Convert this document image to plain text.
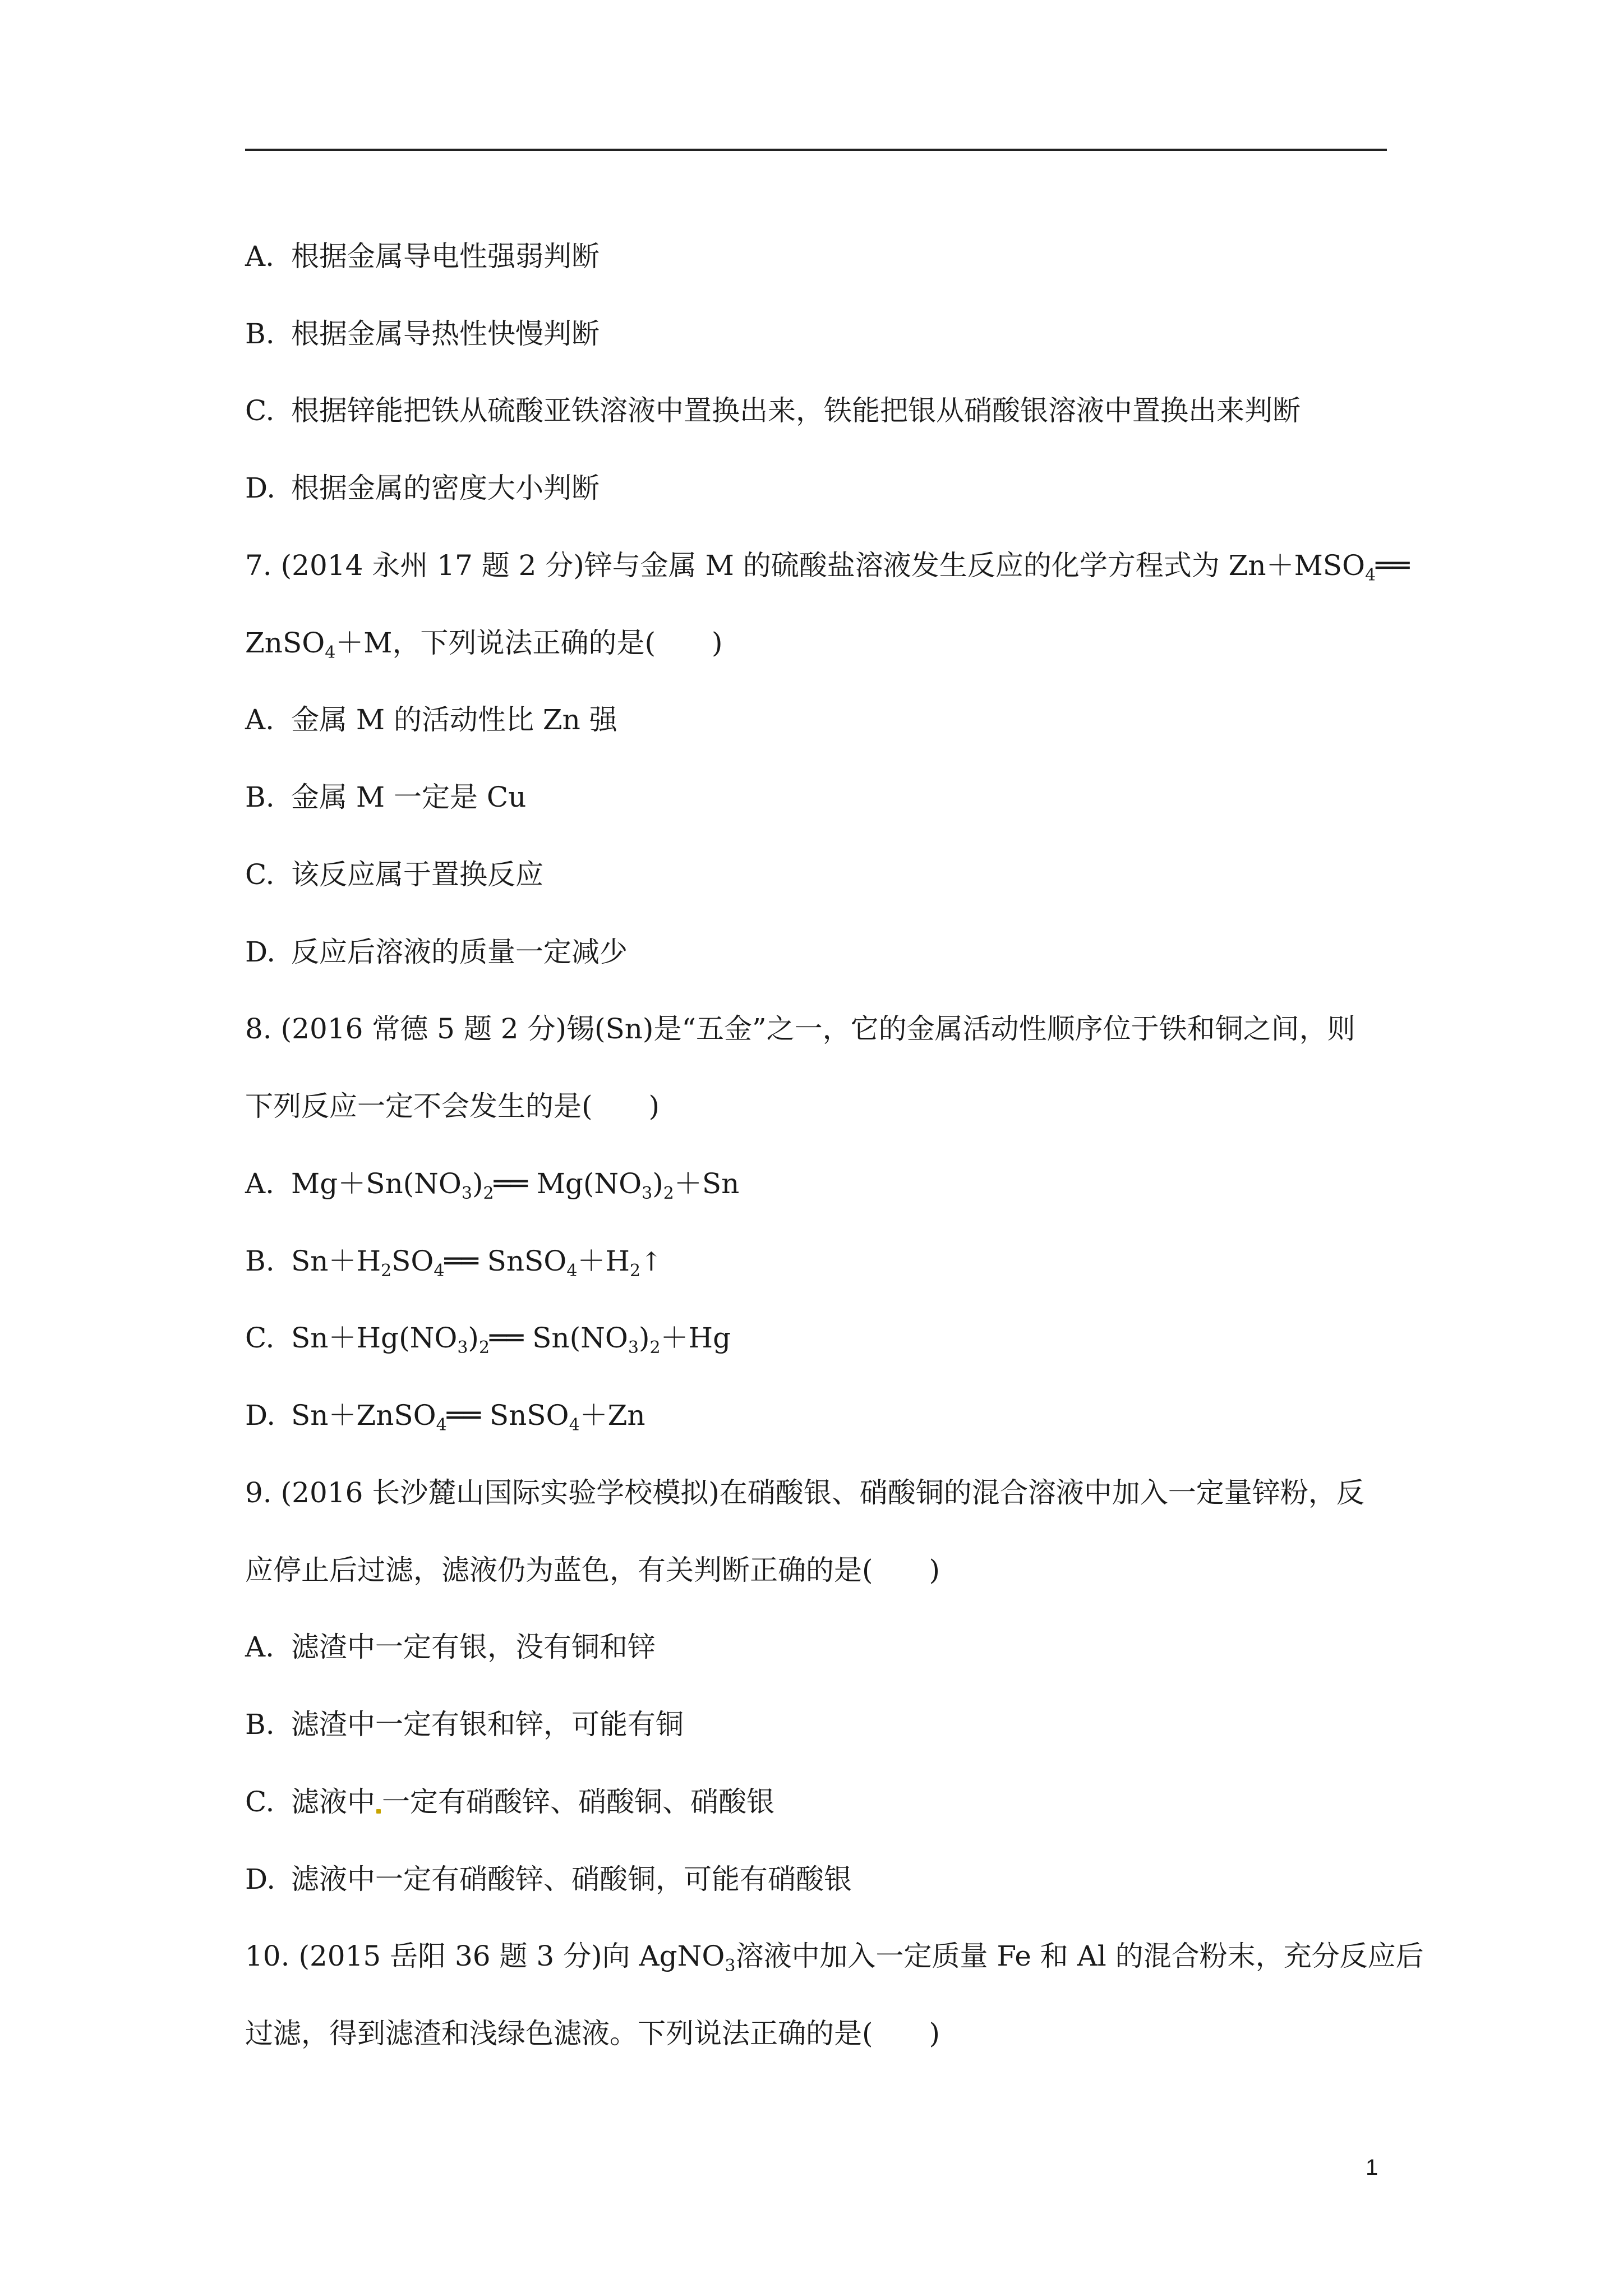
A. 根据金属导电性强弱判断
B. 根据金属导热性快慢判断
C. 根据锌能把铁从硫酸亚铁溶液中置换出来，铁能把银从硝酸银溶液中置换出来判断
D. 根据金属的密度大小判断
7. (2014 永州 17 题 2 分)锌与金属 M 的硫酸盐溶液发生反应的化学方程式为 $Zn+MSO_4══$
ZnSO$_4$＋M，下列说法正确的是(　　)
A. 金属 M 的活动性比 Zn 强
B. 金属 M 一定是 Cu
C. 该反应属于置换反应
D. 反应后溶液的质量一定减少
8. (2016 常德 5 题 2 分)锡(Sn)是“五金”之一，它的金属活动性顺序位于铁和铜之间，则
下列反应一定不会发生的是(　　)
A. $Mg+Sn(NO_3)_2══$ $Mg(NO_3)_2+Sn$
B. $Sn+H_2SO_4══$ $SnSO_4+H_2↑$
C. $Sn+Hg(NO_3)_2══$ $Sn(NO_3)_2+Hg$
D. Sn＋ZnSO$_4$══ SnSO$_4$＋Zn
9. (2016 长沙麓山国际实验学校模拟)在硝酸银、硝酸铜的混合溶液中加入一定量锌粉，反
应停止后过滤，滤液仍为蓝色，有关判断正确的是(　　)
A. 滤渣中一定有银，没有铜和锌
B. 滤渣中一定有银和锌，可能有铜
C. 滤液中 一定有硝酸锌、硝酸铜、硝酸银
D. 滤液中一定有硝酸锌、硝酸铜，可能有硝酸银
10. (2015 岳阳 36 题 3 分)向 AgNO$_3$溶液中加入一定质量 Fe 和 Al 的混合粉末，充分反应后
过滤，得到滤渣和浅绿色滤液。下列说法正确的是(　　)
1
